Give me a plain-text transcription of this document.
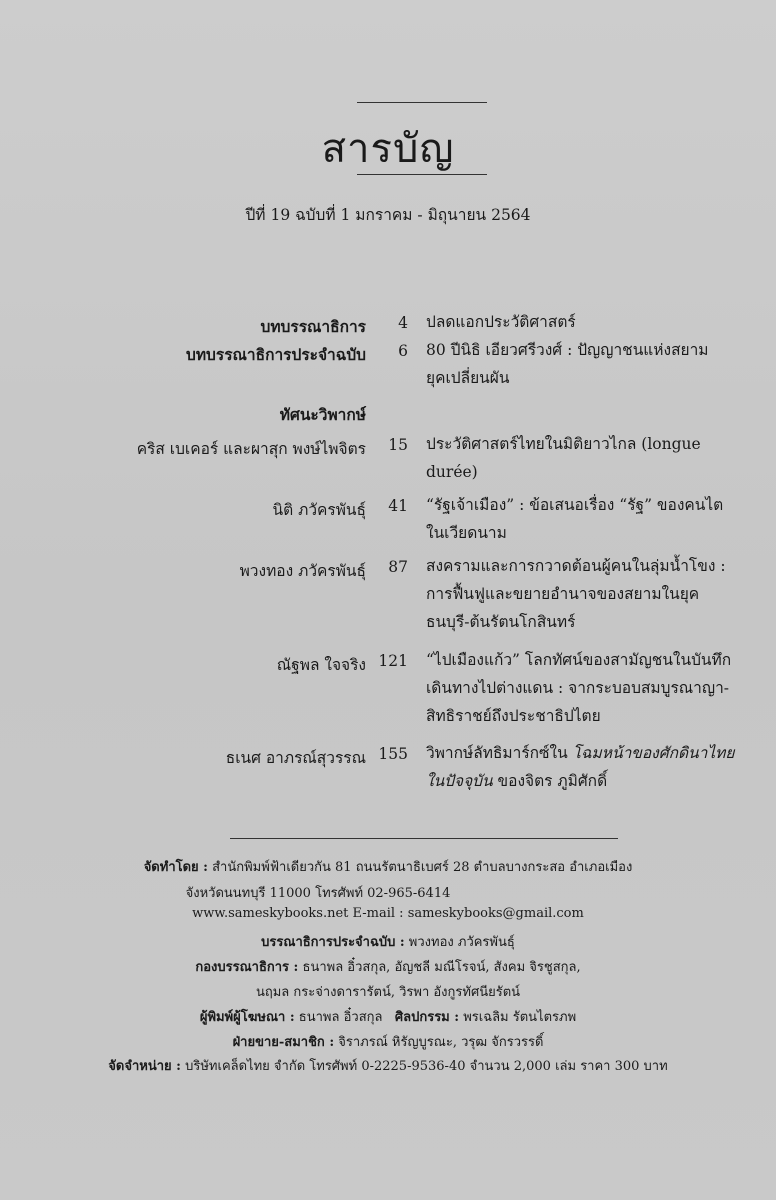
สารบัญ
ปีที่ 19 ฉบับที่ 1 มกราคม - มิถุนายน 2564
บทบรรณาธิการ	4 ปลดแอกประวัติศาสตร์
บทบรรณาธิการประจำฉบับ	6 80 ปีนิธิ เอียวศรีวงศ์ : ปัญญาชนแห่งสยาม
ยุคเปลี่ยนผัน
ทัศนะวิพากษ์
คริส เบเคอร์ และผาสุก พงษ์ไพจิตร	15 ประวัติศาสตร์ไทยในมิติยาวไกล (longue
durée)
นิติ ภวัครพันธุ์	41 “รัฐเจ้าเมือง” : ข้อเสนอเรื่อง “รัฐ” ของคนไต
ในเวียดนาม
พวงทอง ภวัครพันธุ์	87 สงครามและการกวาดต้อนผู้คนในลุ่มน้ำโขง :
การฟื้นฟูและขยายอำนาจของสยามในยุค
ธนบุรี-ต้นรัตนโกสินทร์
ณัฐพล ใจจริง 121 “ไปเมืองแก้ว” โลกทัศน์ของสามัญชนในบันทึก
เดินทางไปต่างแดน : จากระบอบสมบูรณาญา-
สิทธิราชย์ถึงประชาธิปไตย
ธเนศ อาภรณ์สุวรรณ 155 วิพากษ์ลัทธิมาร์กซ์ใน โฉมหน้าของศักดินาไทย
ในปัจจุบัน ของจิตร ภูมิศักดิ์
จัดทำโดย : สำนักพิมพ์ฟ้าเดียวกัน 81 ถนนรัตนาธิเบศร์ 28 ตำบลบางกระสอ อำเภอเมือง
จังหวัดนนทบุรี 11000 โทรศัพท์ 02-965-6414
www.sameskybooks.net E-mail : sameskybooks@gmail.com
บรรณาธิการประจำฉบับ : พวงทอง ภวัครพันธุ์
กองบรรณาธิการ : ธนาพล อิ๋วสกุล, อัญชลี มณีโรจน์, สังคม จิรชูสกุล,
นฤมล กระจ่างดารารัตน์, วิรพา อังกูรทัศนียรัตน์
ผู้พิมพ์ผู้โฆษณา : ธนาพล อิ๋วสกุล ศิลปกรรม : พรเฉลิม รัตนไตรภพ
ฝ่ายขาย-สมาชิก : จิราภรณ์ หิรัญบูรณะ, วรุฒ จักรวรรดิ์
จัดจำหน่าย : บริษัทเคล็ดไทย จำกัด โทรศัพท์ 0-2225-9536-40 จำนวน 2,000 เล่ม ราคา 300 บาท
